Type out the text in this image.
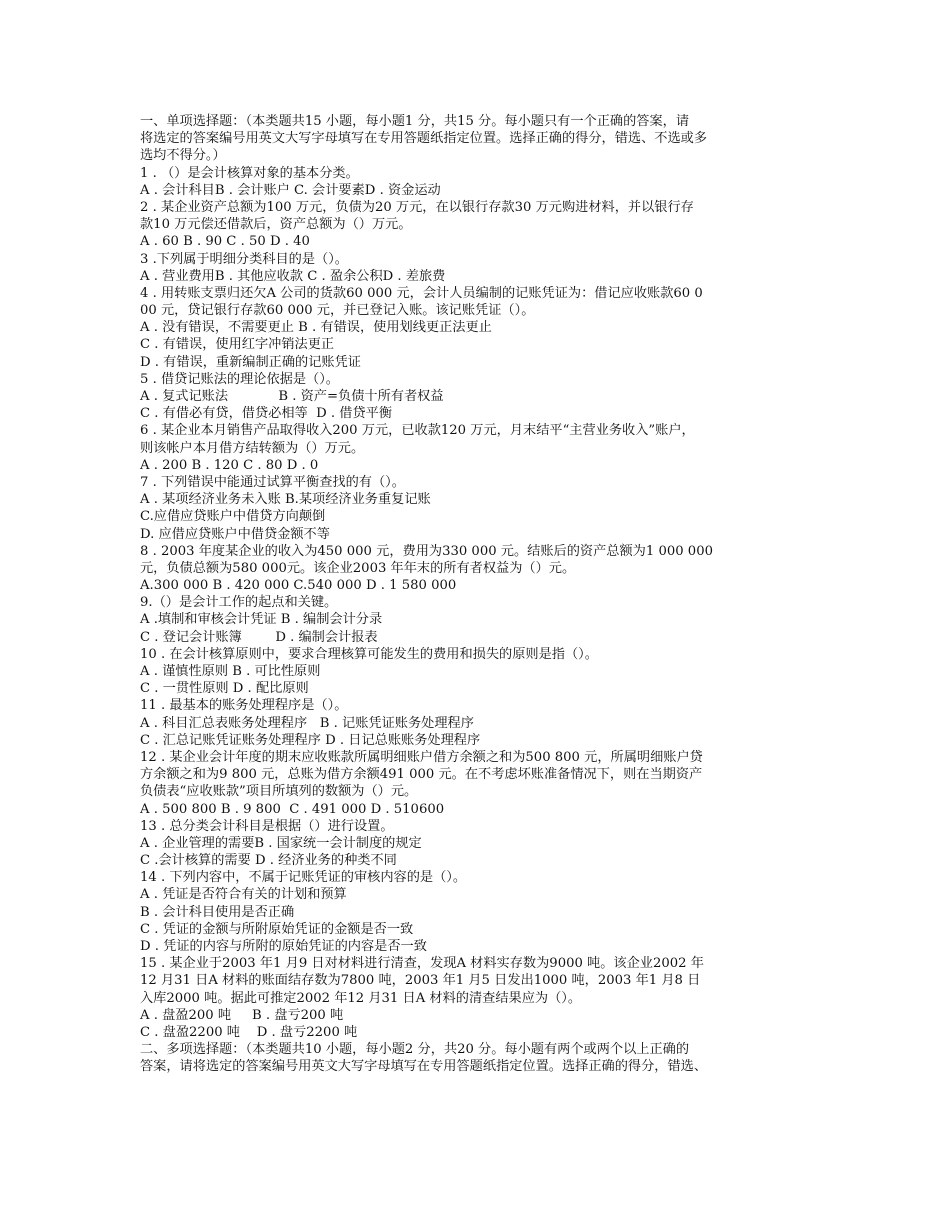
一、单项选择题：（本类题共15 小题，每小题1 分，共15 分。每小题只有一个正确的答案，请
将选定的答案编号用英文大写字母填写在专用答题纸指定位置。选择正确的得分，错选、不选或多
选均不得分。）
1 . （）是会计核算对象的基本分类。
A . 会计科目B . 会计账户 C. 会计要素D . 资金运动
2 . 某企业资产总额为100 万元，负债为20 万元，在以银行存款30 万元购进材料，并以银行存
款10 万元偿还借款后，资产总额为（）万元。
A . 60 B . 90 C . 50 D . 40
3 .下列属于明细分类科目的是（）。
A . 营业费用B . 其他应收款 C . 盈余公积D . 差旅费
4 . 用转账支票归还欠A 公司的货款60 000 元，会计人员编制的记账凭证为：借记应收账款60 0
00 元，贷记银行存款60 000 元，并已登记入账。该记账凭证（）。
A . 没有错误，不需要更止 B . 有错误，使用划线更正法更止
C . 有错误，使用红字冲销法更正
D . 有错误，重新编制正确的记账凭证
5 . 借贷记账法的理论依据是（）。
A . 复式记账法            B . 资产=负债十所有者权益
C . 有借必有贷，借贷必相等  D . 借贷平衡
6 . 某企业本月销售产品取得收入200 万元，已收款120 万元，月末结平“主营业务收入”账户，
则该帐户本月借方结转额为（）万元。
A . 200 B . 120 C . 80 D . 0
7 . 下列错误中能通过试算平衡查找的有（）。
A . 某项经济业务未入账 B.某项经济业务重复记账
C.应借应贷账户中借贷方向颠倒
D. 应借应贷账户中借贷金额不等
8 . 2003 年度某企业的收入为450 000 元，费用为330 000 元。结账后的资产总额为1 000 000
元，负债总额为580 000元。该企业2003 年年末的所有者权益为（）元。
A.300 000 B . 420 000 C.540 000 D . 1 580 000
9.（）是会计工作的起点和关键。
A .填制和审核会计凭证 B . 编制会计分录
C . 登记会计账簿        D . 编制会计报表
10 . 在会计核算原则中，要求合理核算可能发生的费用和损失的原则是指（）。
A . 谨慎性原则 B . 可比性原则
C . 一贯性原则 D . 配比原则
11 . 最基本的账务处理程序是（）。
A . 科目汇总表账务处理程序   B . 记账凭证账务处理程序
C . 汇总记账凭证账务处理程序 D . 日记总账账务处理程序
12 . 某企业会计年度的期末应收账款所属明细账户借方余额之和为500 800 元，所属明细账户贷
方余额之和为9 800 元，总账为借方余额491 000 元。在不考虑坏账准备情况下，则在当期资产
负债表“应收账款”项目所填列的数额为（）元。
A . 500 800 B . 9 800  C . 491 000 D . 510600
13 . 总分类会计科目是根据（）进行设置。
A . 企业管理的需要B . 国家统一会计制度的规定
C .会计核算的需要 D . 经济业务的种类不同
14 . 下列内容中，不属于记账凭证的审核内容的是（）。
A . 凭证是否符合有关的计划和预算
B . 会计科目使用是否正确
C . 凭证的金额与所附原始凭证的金额是否一致
D . 凭证的内容与所附的原始凭证的内容是否一致
15 . 某企业于2003 年1 月9 日对材料进行清查，发现A 材料实存数为9000 吨。该企业2002 年
12 月31 日A 材料的账面结存数为7800 吨，2003 年1 月5 日发出1000 吨，2003 年1 月8 日
入库2000 吨。据此可推定2002 年12 月31 日A 材料的清查结果应为（）。
A . 盘盈200 吨     B . 盘亏200 吨
C . 盘盈2200 吨    D . 盘亏2200 吨
二、多项选择题：（本类题共10 小题，每小题2 分，共20 分。每小题有两个或两个以上正确的
答案，请将选定的答案编号用英文大写字母填写在专用答题纸指定位置。选择正确的得分，错选、
